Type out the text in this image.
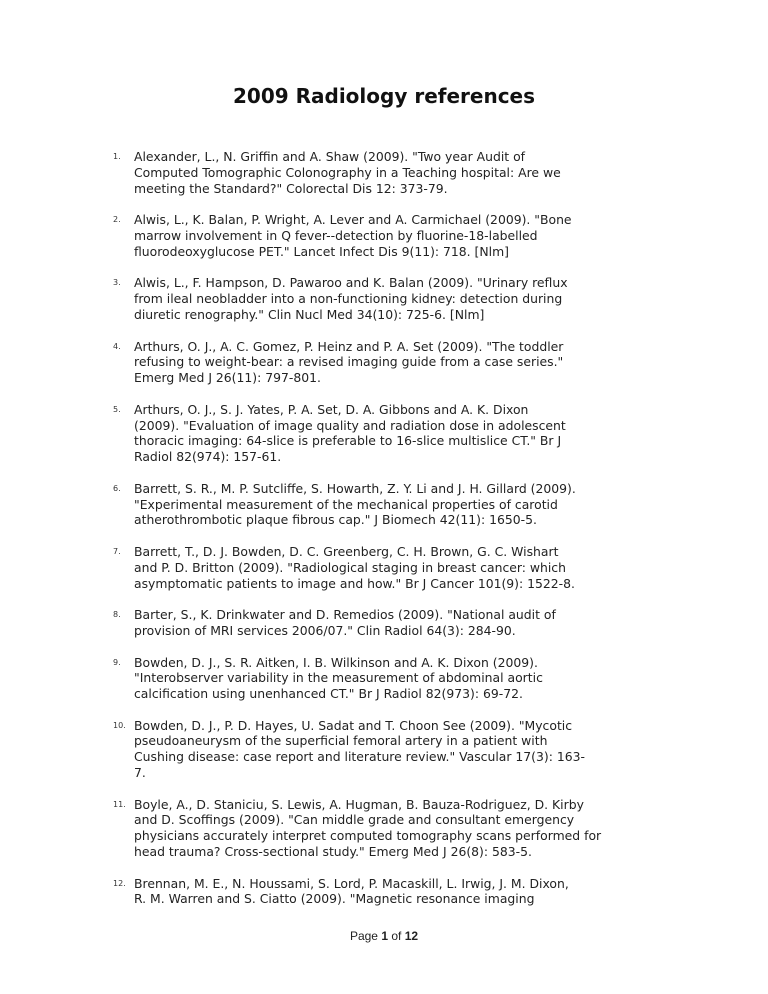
2009 Radiology references
1. Alexander, L., N. Griffin and A. Shaw (2009). "Two year Audit of
Computed Tomographic Colonography in a Teaching hospital: Are we
meeting the Standard?" Colorectal Dis 12: 373-79.
2. Alwis, L., K. Balan, P. Wright, A. Lever and A. Carmichael (2009). "Bone
marrow involvement in Q fever--detection by fluorine-18-labelled
fluorodeoxyglucose PET." Lancet Infect Dis 9(11): 718. [Nlm]
3. Alwis, L., F. Hampson, D. Pawaroo and K. Balan (2009). "Urinary reflux
from ileal neobladder into a non-functioning kidney: detection during
diuretic renography." Clin Nucl Med 34(10): 725-6. [Nlm]
4. Arthurs, O. J., A. C. Gomez, P. Heinz and P. A. Set (2009). "The toddler
refusing to weight-bear: a revised imaging guide from a case series."
Emerg Med J 26(11): 797-801.
5. Arthurs, O. J., S. J. Yates, P. A. Set, D. A. Gibbons and A. K. Dixon
(2009). "Evaluation of image quality and radiation dose in adolescent
thoracic imaging: 64-slice is preferable to 16-slice multislice CT." Br J
Radiol 82(974): 157-61.
6. Barrett, S. R., M. P. Sutcliffe, S. Howarth, Z. Y. Li and J. H. Gillard (2009).
"Experimental measurement of the mechanical properties of carotid
atherothrombotic plaque fibrous cap." J Biomech 42(11): 1650-5.
7. Barrett, T., D. J. Bowden, D. C. Greenberg, C. H. Brown, G. C. Wishart
and P. D. Britton (2009). "Radiological staging in breast cancer: which
asymptomatic patients to image and how." Br J Cancer 101(9): 1522-8.
8. Barter, S., K. Drinkwater and D. Remedios (2009). "National audit of
provision of MRI services 2006/07." Clin Radiol 64(3): 284-90.
9. Bowden, D. J., S. R. Aitken, I. B. Wilkinson and A. K. Dixon (2009).
"Interobserver variability in the measurement of abdominal aortic
calcification using unenhanced CT." Br J Radiol 82(973): 69-72.
10. Bowden, D. J., P. D. Hayes, U. Sadat and T. Choon See (2009). "Mycotic
pseudoaneurysm of the superficial femoral artery in a patient with
Cushing disease: case report and literature review." Vascular 17(3): 163-
7.
11. Boyle, A., D. Staniciu, S. Lewis, A. Hugman, B. Bauza-Rodriguez, D. Kirby
and D. Scoffings (2009). "Can middle grade and consultant emergency
physicians accurately interpret computed tomography scans performed for
head trauma? Cross-sectional study." Emerg Med J 26(8): 583-5.
12. Brennan, M. E., N. Houssami, S. Lord, P. Macaskill, L. Irwig, J. M. Dixon,
R. M. Warren and S. Ciatto (2009). "Magnetic resonance imaging
Page 1 of 12
